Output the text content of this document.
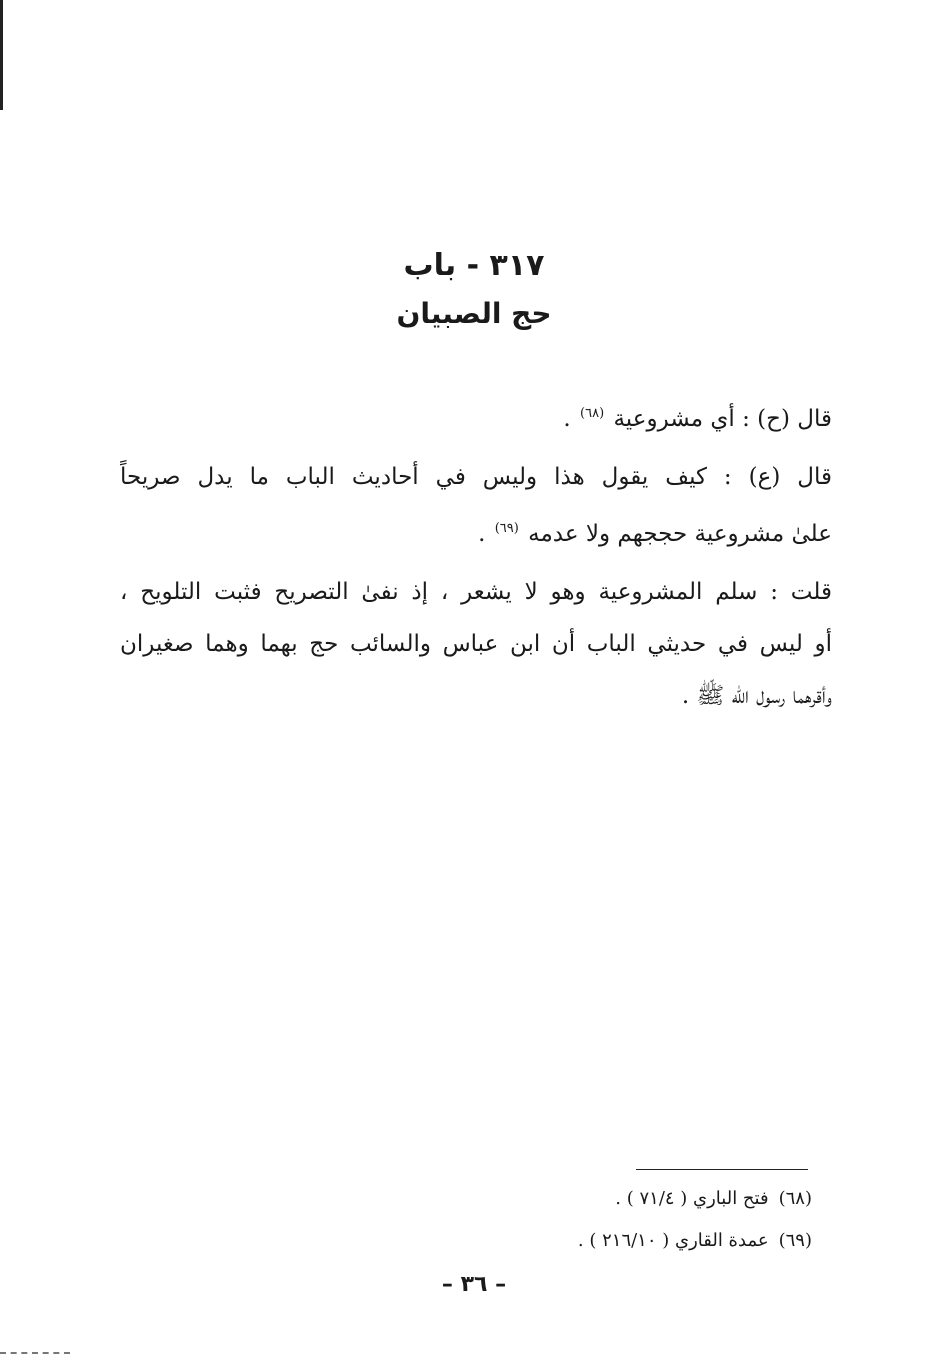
٣١٧ - باب

حج الصبيان

قال (ح) : أي مشروعية $^{(٦٨)}$ .

قال (ع) : كيف يقول هذا وليس في أحاديث الباب ما يدل صريحاً
علىٰ مشروعية حججهم ولا عدمه $^{(٦٩)}$ .

قلت : سلم المشروعية وهو لا يشعر ، إذ نفىٰ التصريح فثبت التلويح ،
أو ليس في حديثي الباب أن ابن عباس والسائب حج بهما وهما صغيران
وأقرهما رسول الله ﷺ .

(٦٨)فتح الباري ( ٧١/٤ ) .
(٦٩)عمدة القاري ( ٢١٦/١٠ ) .
– ٣٦ –
